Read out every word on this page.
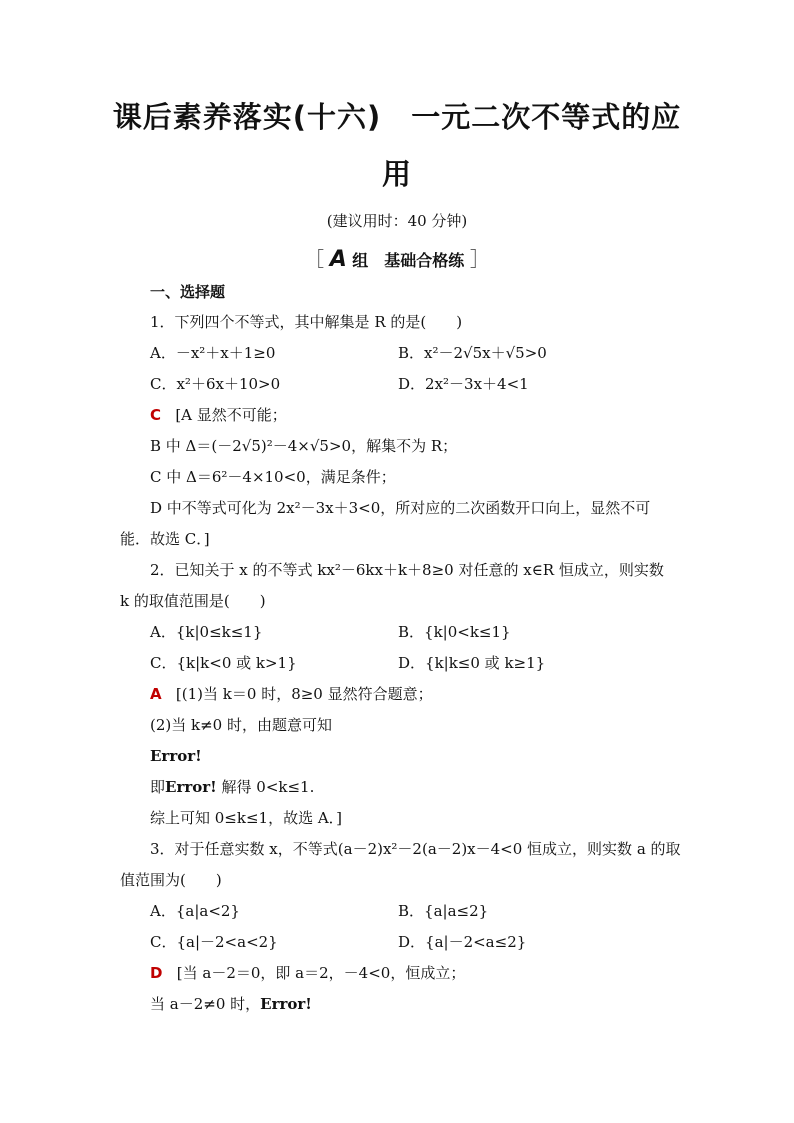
课后素养落实(十六)　一元二次不等式的应
用
(建议用时：40 分钟)
［ A 组　基础合格练 ］
一、选择题
1．下列四个不等式，其中解集是 R 的是(　　)
A．－x²＋x＋1≥0	B．x²－2√5x＋√5>0
C．x²＋6x＋10>0	D．2x²－3x＋4<1
C [A 显然不可能；
B 中 Δ＝(－2√5)²－4×√5>0，解集不为 R；
C 中 Δ＝6²－4×10<0，满足条件；
D 中不等式可化为 2x²－3x＋3<0，所对应的二次函数开口向上，显然不可
能．故选 C．]
2．已知关于 x 的不等式 kx²－6kx＋k＋8≥0 对任意的 x∈R 恒成立，则实数
k 的取值范围是(　　)
A．{k|0≤k≤1}	B．{k|0<k≤1}
C．{k|k<0 或 k>1}	D．{k|k≤0 或 k≥1}
A [(1)当 k＝0 时，8≥0 显然符合题意；
(2)当 k≠0 时，由题意可知
Error!
即Error! 解得 0<k≤1.
综上可知 0≤k≤1，故选 A．]
3．对于任意实数 x，不等式(a－2)x²－2(a－2)x－4<0 恒成立，则实数 a 的取
值范围为(　　)
A．{a|a<2}	B．{a|a≤2}
C．{a|－2<a<2}	D．{a|－2<a≤2}
D [当 a－2＝0，即 a＝2，－4<0，恒成立；
当 a－2≠0 时，Error!
